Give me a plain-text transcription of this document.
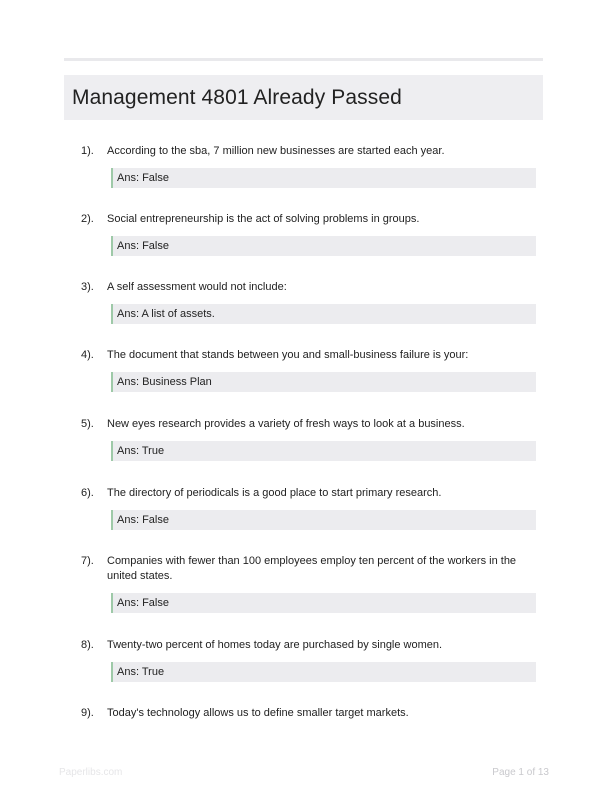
Management 4801 Already Passed
1).	According to the sba, 7 million new businesses are started each year.
Ans: False
2).	Social entrepreneurship is the act of solving problems in groups.
Ans: False
3).	A self assessment would not include:
Ans: A list of assets.
4).	The document that stands between you and small-business failure is your:
Ans: Business Plan
5).	New eyes research provides a variety of fresh ways to look at a business.
Ans: True
6).	The directory of periodicals is a good place to start primary research.
Ans: False
7).	Companies with fewer than 100 employees employ ten percent of the workers in the united states.
Ans: False
8).	Twenty-two percent of homes today are purchased by single women.
Ans: True
9).	Today's technology allows us to define smaller target markets.
Paperlibs.com	Page 1 of 13
